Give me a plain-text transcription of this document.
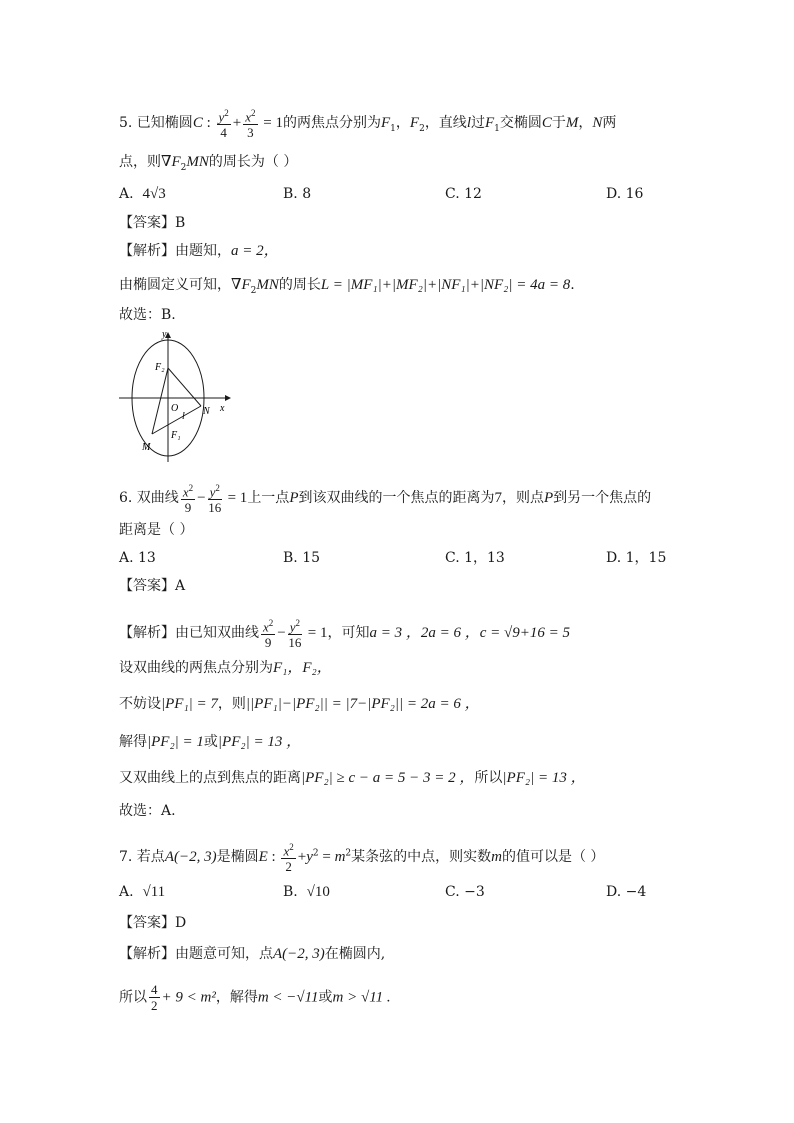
5. 已知椭圆C : $\frac{y^2}{4} + \frac{x^2}{3} = 1$的两焦点分别为$F_1$，$F_2$，直线l过$F_1$交椭圆C于M，N两
点，则$\nabla F_2MN$的周长为（ ）
A. 4√3	B. 8	C. 12	D. 16
【答案】B
【解析】由题知，a = 2，
由椭圆定义可知，$\nabla F_2MN$的周长L = |MF₁|+|MF₂|+|NF₁|+|NF₂| = 4a = 8.
故选：B.
y
x
O
F₂
F₁
N
M
l
6. 双曲线 $\frac{x^2}{9} - \frac{y^2}{16} = 1$上一点P到该双曲线的一个焦点的距离为7，则点P到另一个焦点的
距离是（ ）
A. 13	B. 15	C. 1，13	D. 1，15
【答案】A
【解析】由已知双曲线 $\frac{x^2}{9} - \frac{y^2}{16} = 1$，可知a = 3 ，2a = 6 ，c = √9+16 = 5
设双曲线的两焦点分别为F₁，F₂，
不妨设|PF₁| = 7，则||PF₁|−|PF₂|| = |7−|PF₂|| = 2a = 6 ，
解得|PF₂| = 1或|PF₂| = 13 ，
又双曲线上的点到焦点的距离|PF₂| ≥ c − a = 5 − 3 = 2 ，所以|PF₂| = 13 ，
故选：A.
7. 若点A(−2, 3)是椭圆E : $\frac{x^2}{2} +y^2 = m^2$某条弦的中点，则实数m的值可以是（ ）
A. √11	B. √10	C. −3	D. −4
【答案】D
【解析】由题意可知，点A(−2, 3)在椭圆内,
所以 $\frac{4}{2} + 9 < m^2$，解得m < −√11或m > √11 .
